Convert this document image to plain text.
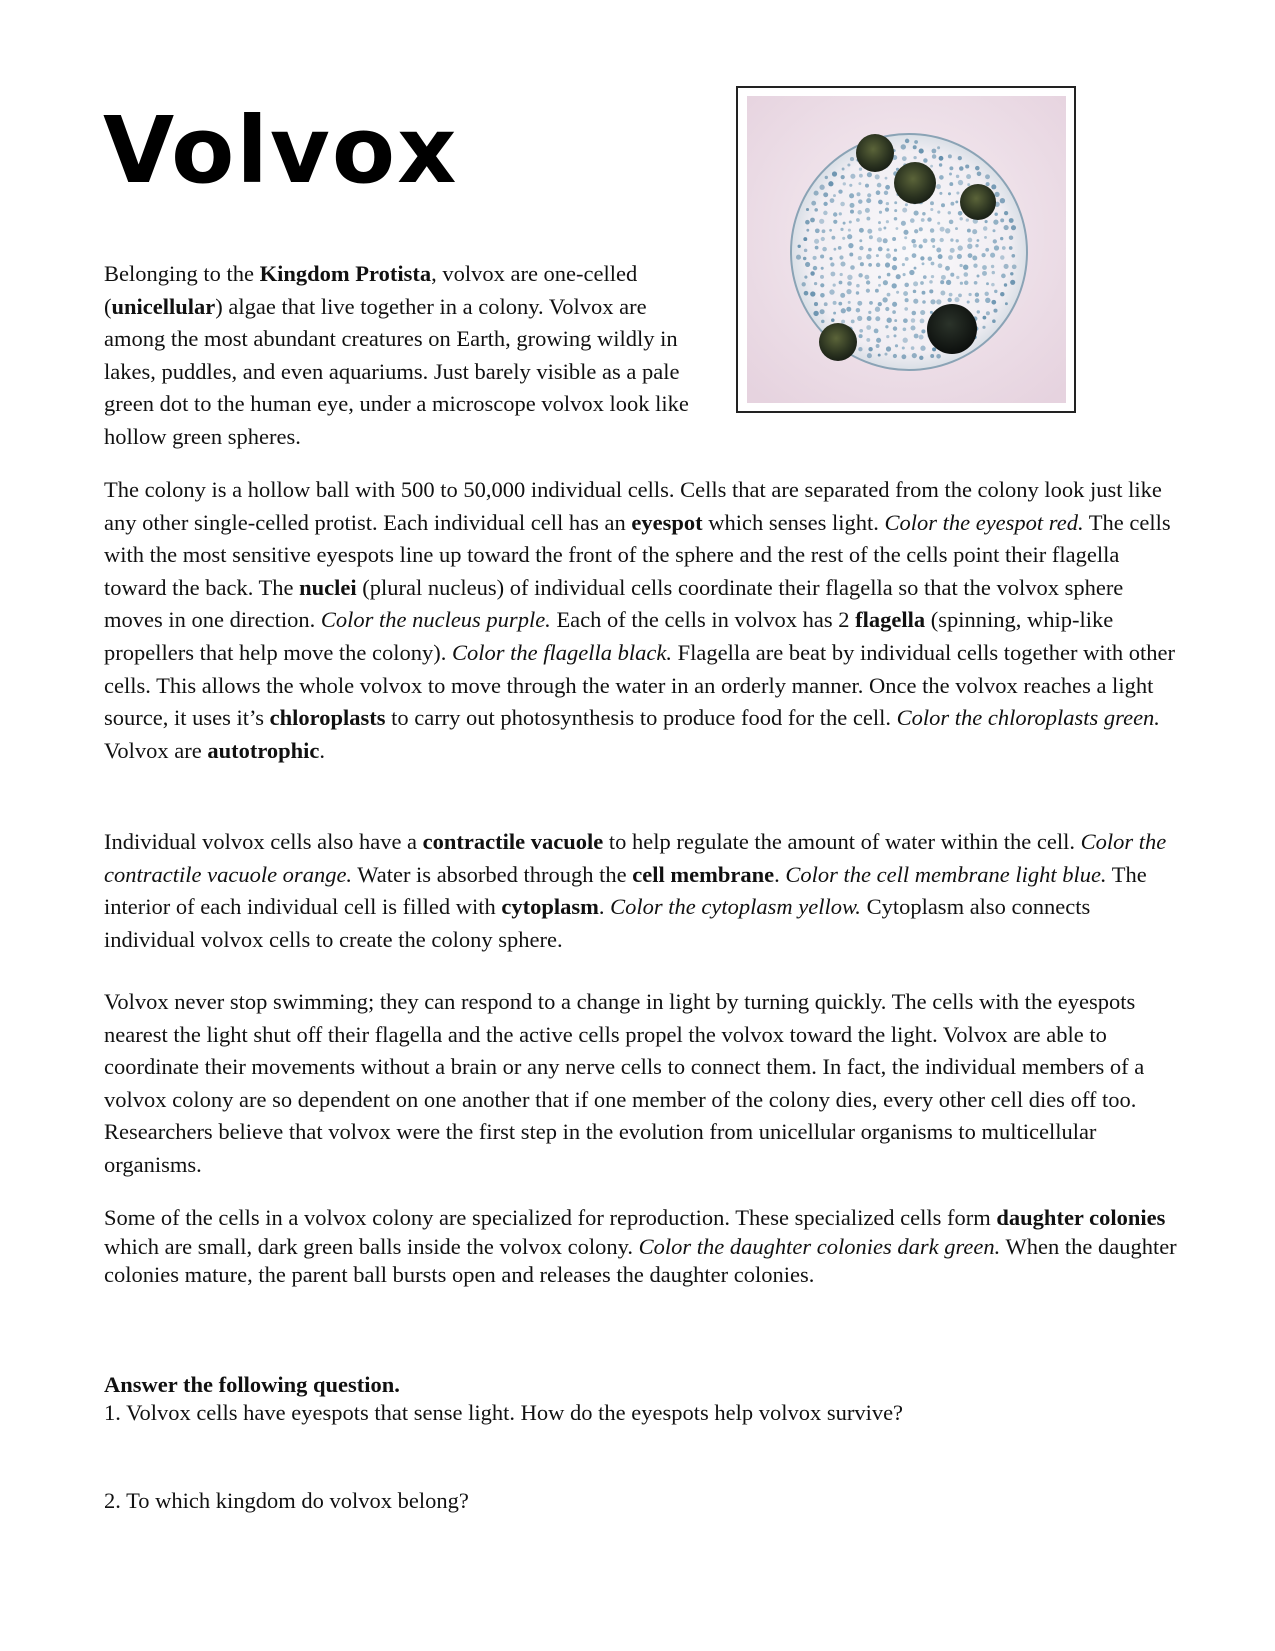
Volvox

Belonging to the Kingdom Protista, volvox are one-celled (unicellular) algae that live together in a colony. Volvox are among the most abundant creatures on Earth, growing wildly in lakes, puddles, and even aquariums. Just barely visible as a pale green dot to the human eye, under a microscope volvox look like hollow green spheres.

The colony is a hollow ball with 500 to 50,000 individual cells. Cells that are separated from the colony look just like any other single-celled protist. Each individual cell has an eyespot which senses light. Color the eyespot red. The cells with the most sensitive eyespots line up toward the front of the sphere and the rest of the cells point their flagella toward the back. The nuclei (plural nucleus) of individual cells coordinate their flagella so that the volvox sphere moves in one direction. Color the nucleus purple. Each of the cells in volvox has 2 flagella (spinning, whip-like propellers that help move the colony). Color the flagella black. Flagella are beat by individual cells together with other cells. This allows the whole volvox to move through the water in an orderly manner. Once the volvox reaches a light source, it uses it’s chloroplasts to carry out photosynthesis to produce food for the cell. Color the chloroplasts green. Volvox are autotrophic.

Individual volvox cells also have a contractile vacuole to help regulate the amount of water within the cell. Color the contractile vacuole orange. Water is absorbed through the cell membrane. Color the cell membrane light blue. The interior of each individual cell is filled with cytoplasm. Color the cytoplasm yellow. Cytoplasm also connects individual volvox cells to create the colony sphere.

Volvox never stop swimming; they can respond to a change in light by turning quickly. The cells with the eyespots nearest the light shut off their flagella and the active cells propel the volvox toward the light. Volvox are able to coordinate their movements without a brain or any nerve cells to connect them. In fact, the individual members of a volvox colony are so dependent on one another that if one member of the colony dies, every other cell dies off too. Researchers believe that volvox were the first step in the evolution from unicellular organisms to multicellular organisms.

Some of the cells in a volvox colony are specialized for reproduction. These specialized cells form daughter colonies which are small, dark green balls inside the volvox colony. Color the daughter colonies dark green. When the daughter colonies mature, the parent ball bursts open and releases the daughter colonies.

Answer the following question.

1. Volvox cells have eyespots that sense light. How do the eyespots help volvox survive?

2. To which kingdom do volvox belong?
